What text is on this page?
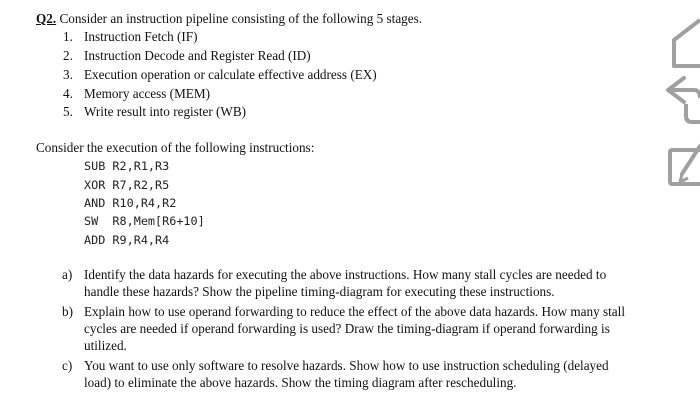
Q2. Consider an instruction pipeline consisting of the following 5 stages.
1. Instruction Fetch (IF)
2. Instruction Decode and Register Read (ID)
3. Execution operation or calculate effective address (EX)
4. Memory access (MEM)
5. Write result into register (WB)
Consider the execution of the following instructions:
SUB R2,R1,R3
XOR R7,R2,R5
AND R10,R4,R2
SW  R8,Mem[R6+10]
ADD R9,R4,R4
a) Identify the data hazards for executing the above instructions. How many stall cycles are needed to
handle these hazards? Show the pipeline timing-diagram for executing these instructions.
b) Explain how to use operand forwarding to reduce the effect of the above data hazards. How many stall
cycles are needed if operand forwarding is used? Draw the timing-diagram if operand forwarding is
utilized.
c) You want to use only software to resolve hazards. Show how to use instruction scheduling (delayed
load) to eliminate the above hazards. Show the timing diagram after rescheduling.
